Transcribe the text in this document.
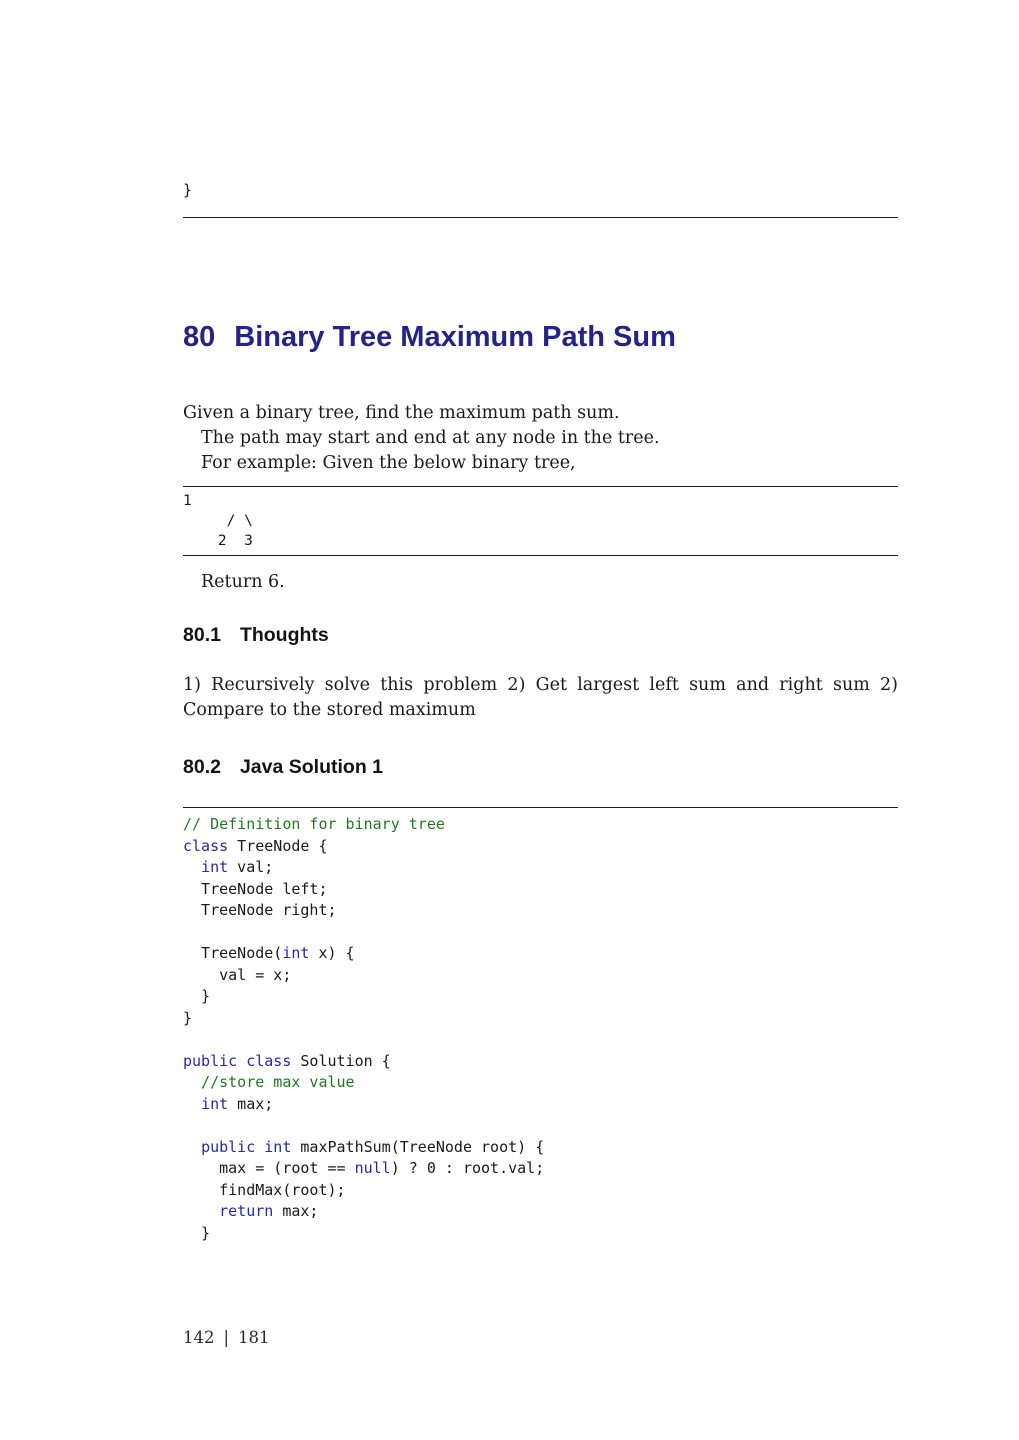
}
80 Binary Tree Maximum Path Sum
Given a binary tree, find the maximum path sum.
The path may start and end at any node in the tree.
For example: Given the below binary tree,
1
/ \
2  3
Return 6.
80.1 Thoughts
1) Recursively solve this problem 2) Get largest left sum and right sum 2) Compare to the stored maximum
80.2 Java Solution 1
// Definition for binary tree
class TreeNode {
int val;
TreeNode left;
TreeNode right;

TreeNode(int x) {
val = x;
}
}

public class Solution {
//store max value
int max;

public int maxPathSum(TreeNode root) {
max = (root == null) ? 0 : root.val;
findMax(root);
return max;
}
142 | 181
